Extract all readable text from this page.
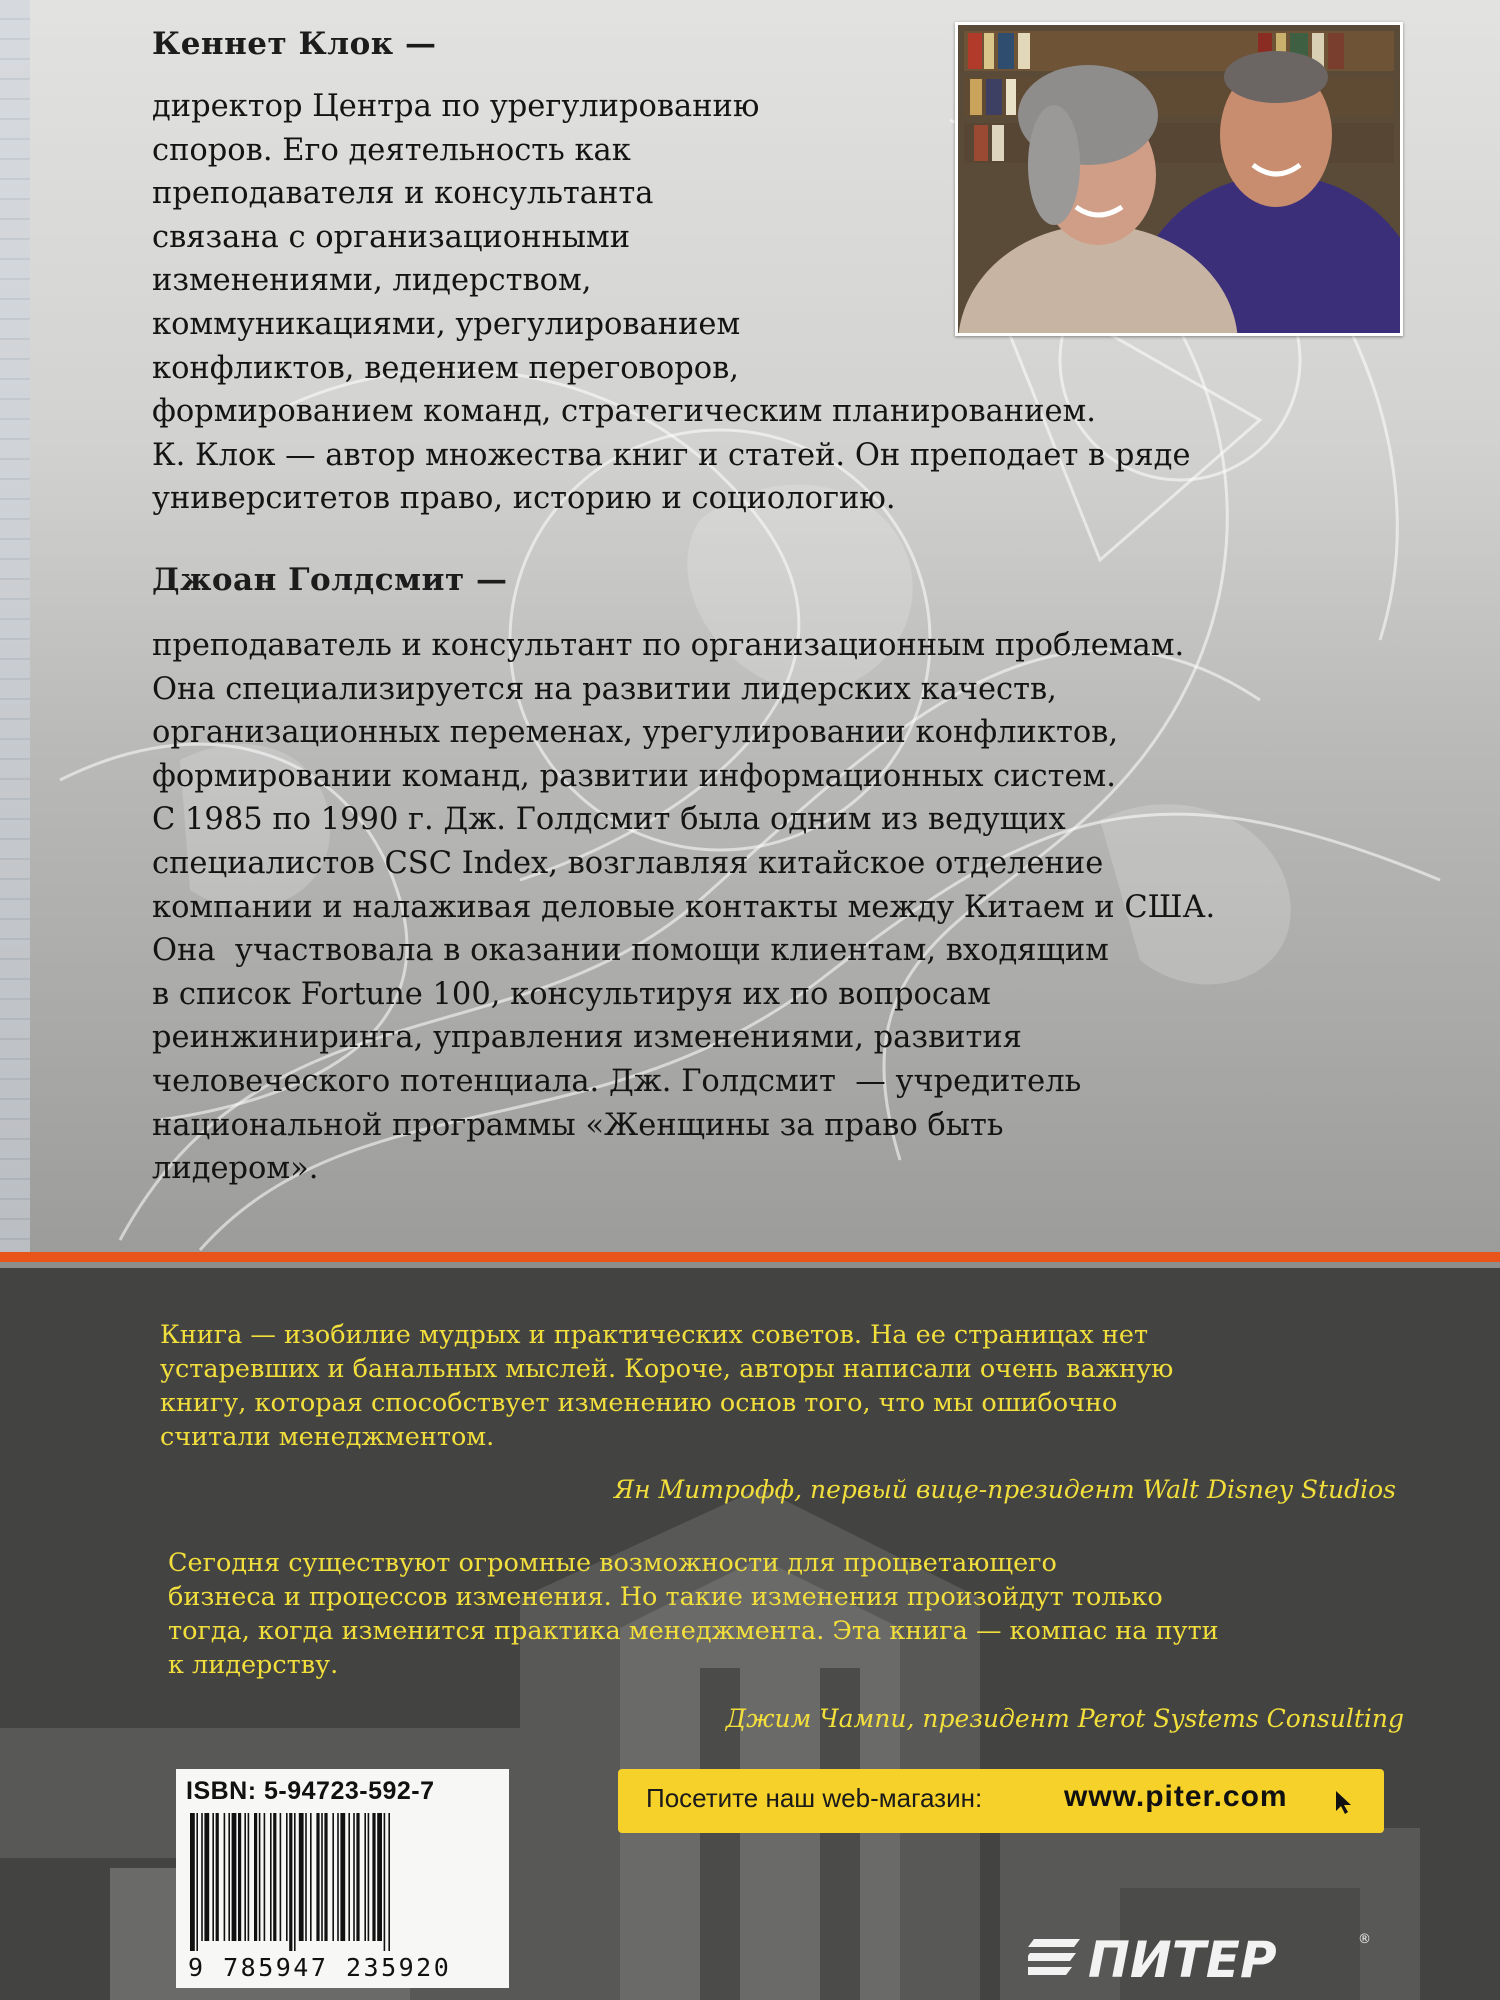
Кеннет Клок —

директор Центра по урегулированию
споров. Его деятельность как
преподавателя и консультанта
связана с организационными
изменениями, лидерством,
коммуникациями, урегулированием
конфликтов, ведением переговоров,
формированием команд, стратегическим планированием.
К. Клок — автор множества книг и статей. Он преподает в ряде
университетов право, историю и социологию.

Джоан Голдсмит —

преподаватель и консультант по организационным проблемам.
Она специализируется на развитии лидерских качеств,
организационных переменах, урегулировании конфликтов,
формировании команд, развитии информационных систем.
С 1985 по 1990 г. Дж. Голдсмит была одним из ведущих
специалистов CSC Index, возглавляя китайское отделение
компании и налаживая деловые контакты между Китаем и США.
Она  участвовала в оказании помощи клиентам, входящим
в список Fortune 100, консультируя их по вопросам
реинжиниринга, управления изменениями, развития
человеческого потенциала. Дж. Голдсмит  — учредитель
национальной программы «Женщины за право быть
лидером».

Книга — изобилие мудрых и практических советов. На ее страницах нет
устаревших и банальных мыслей. Короче, авторы написали очень важную
книгу, которая способствует изменению основ того, что мы ошибочно
считали менеджментом.

Ян Митрофф, первый вице-президент Walt Disney Studios

Сегодня существуют огромные возможности для процветающего
бизнеса и процессов изменения. Но такие изменения произойдут только
тогда, когда изменится практика менеджмента. Эта книга — компас на пути
к лидерству.

Джим Чампи, президент Perot Systems Consulting

ISBN: 5-94723-592-7
9 785947 235920
Посетите наш web-магазин:	www.piter.com
ПИТЕР	®
